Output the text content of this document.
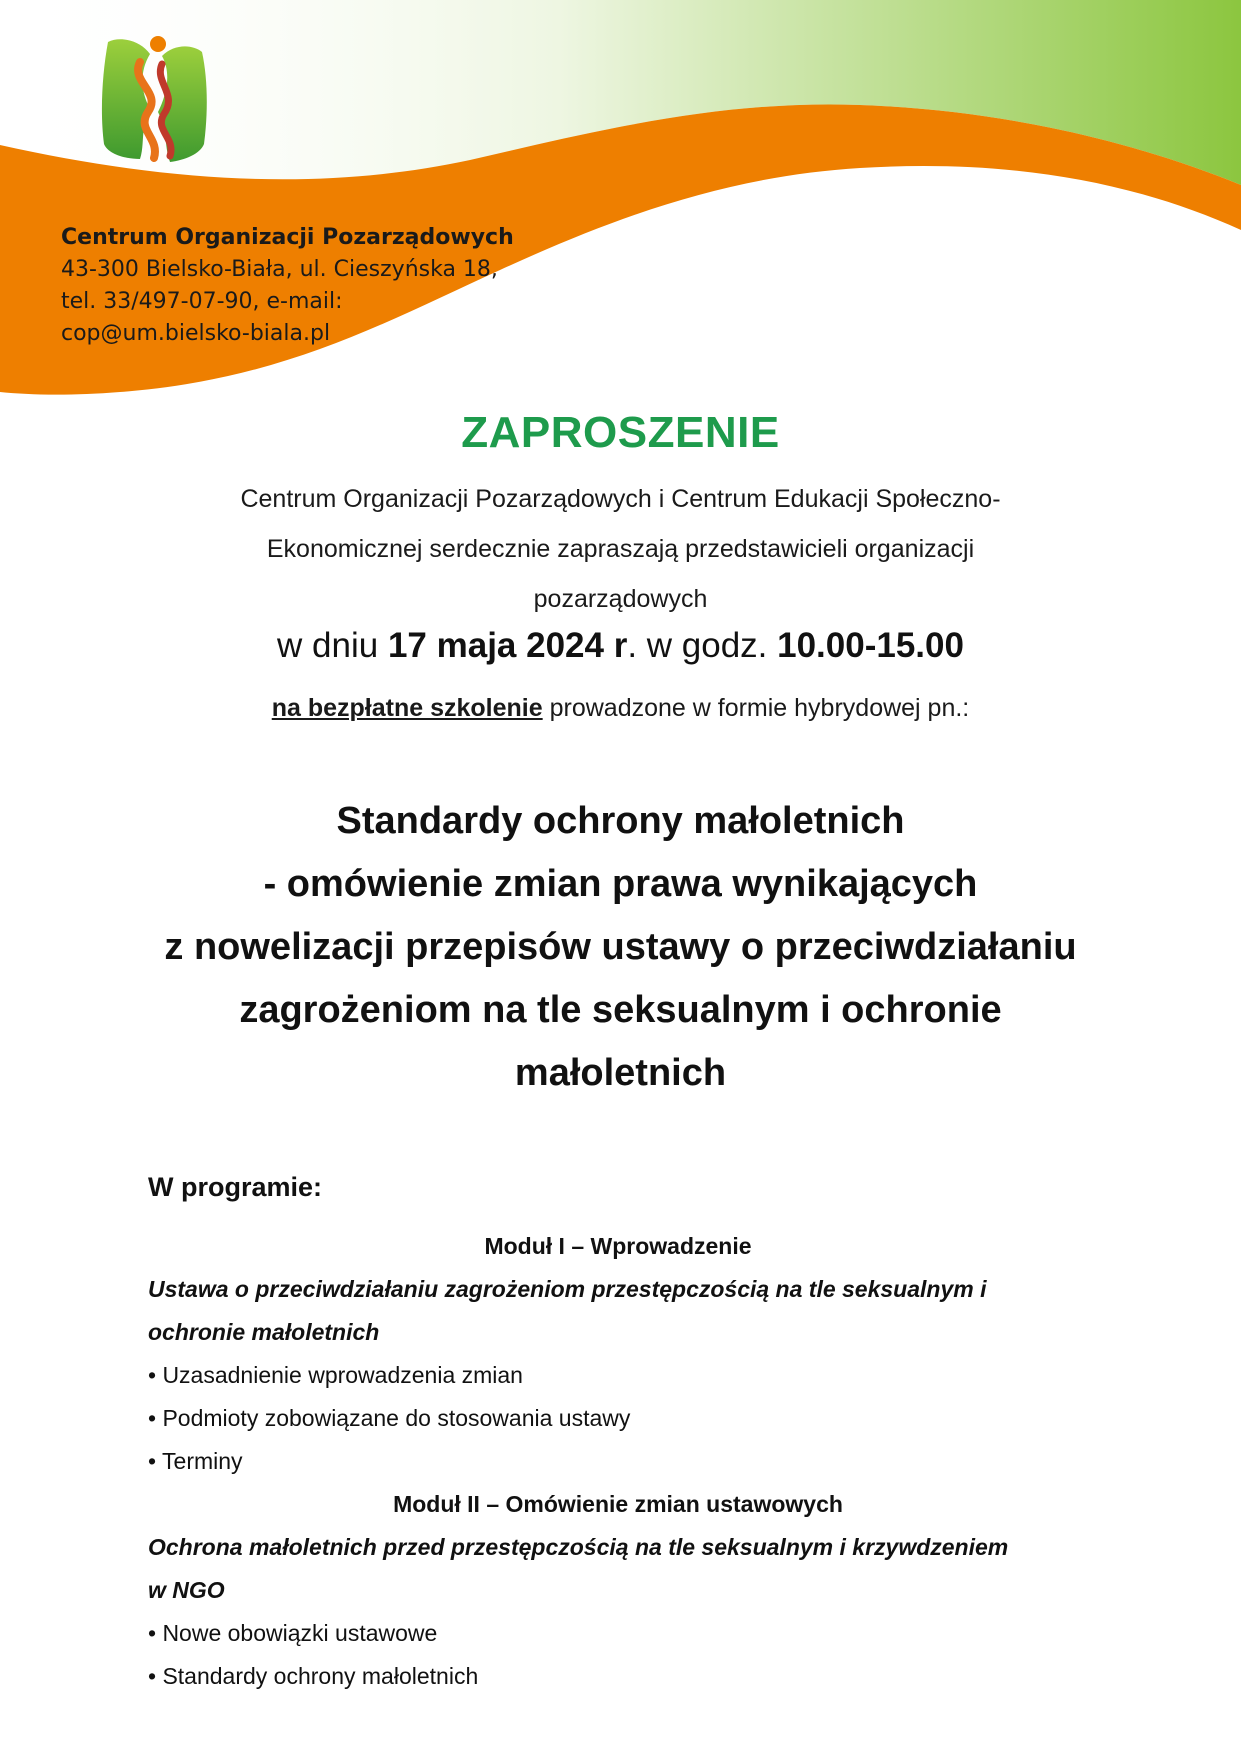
Centrum Organizacji Pozarządowych
43-300 Bielsko-Biała, ul. Cieszyńska 18,
tel. 33/497-07-90, e-mail:
cop@um.bielsko-biala.pl
ZAPROSZENIE
Centrum Organizacji Pozarządowych i Centrum Edukacji Społeczno-
Ekonomicznej serdecznie zapraszają przedstawicieli organizacji
pozarządowych
w dniu 17 maja 2024 r. w godz. 10.00-15.00
na bezpłatne szkolenie prowadzone w formie hybrydowej pn.:
Standardy ochrony małoletnich
- omówienie zmian prawa wynikających
z nowelizacji przepisów ustawy o przeciwdziałaniu
zagrożeniom na tle seksualnym i ochronie
małoletnich
W programie:
Moduł I – Wprowadzenie
Ustawa o przeciwdziałaniu zagrożeniom przestępczością na tle seksualnym i
ochronie małoletnich
• Uzasadnienie wprowadzenia zmian
• Podmioty zobowiązane do stosowania ustawy
• Terminy
Moduł II – Omówienie zmian ustawowych
Ochrona małoletnich przed przestępczością na tle seksualnym i krzywdzeniem
w NGO
• Nowe obowiązki ustawowe
• Standardy ochrony małoletnich
